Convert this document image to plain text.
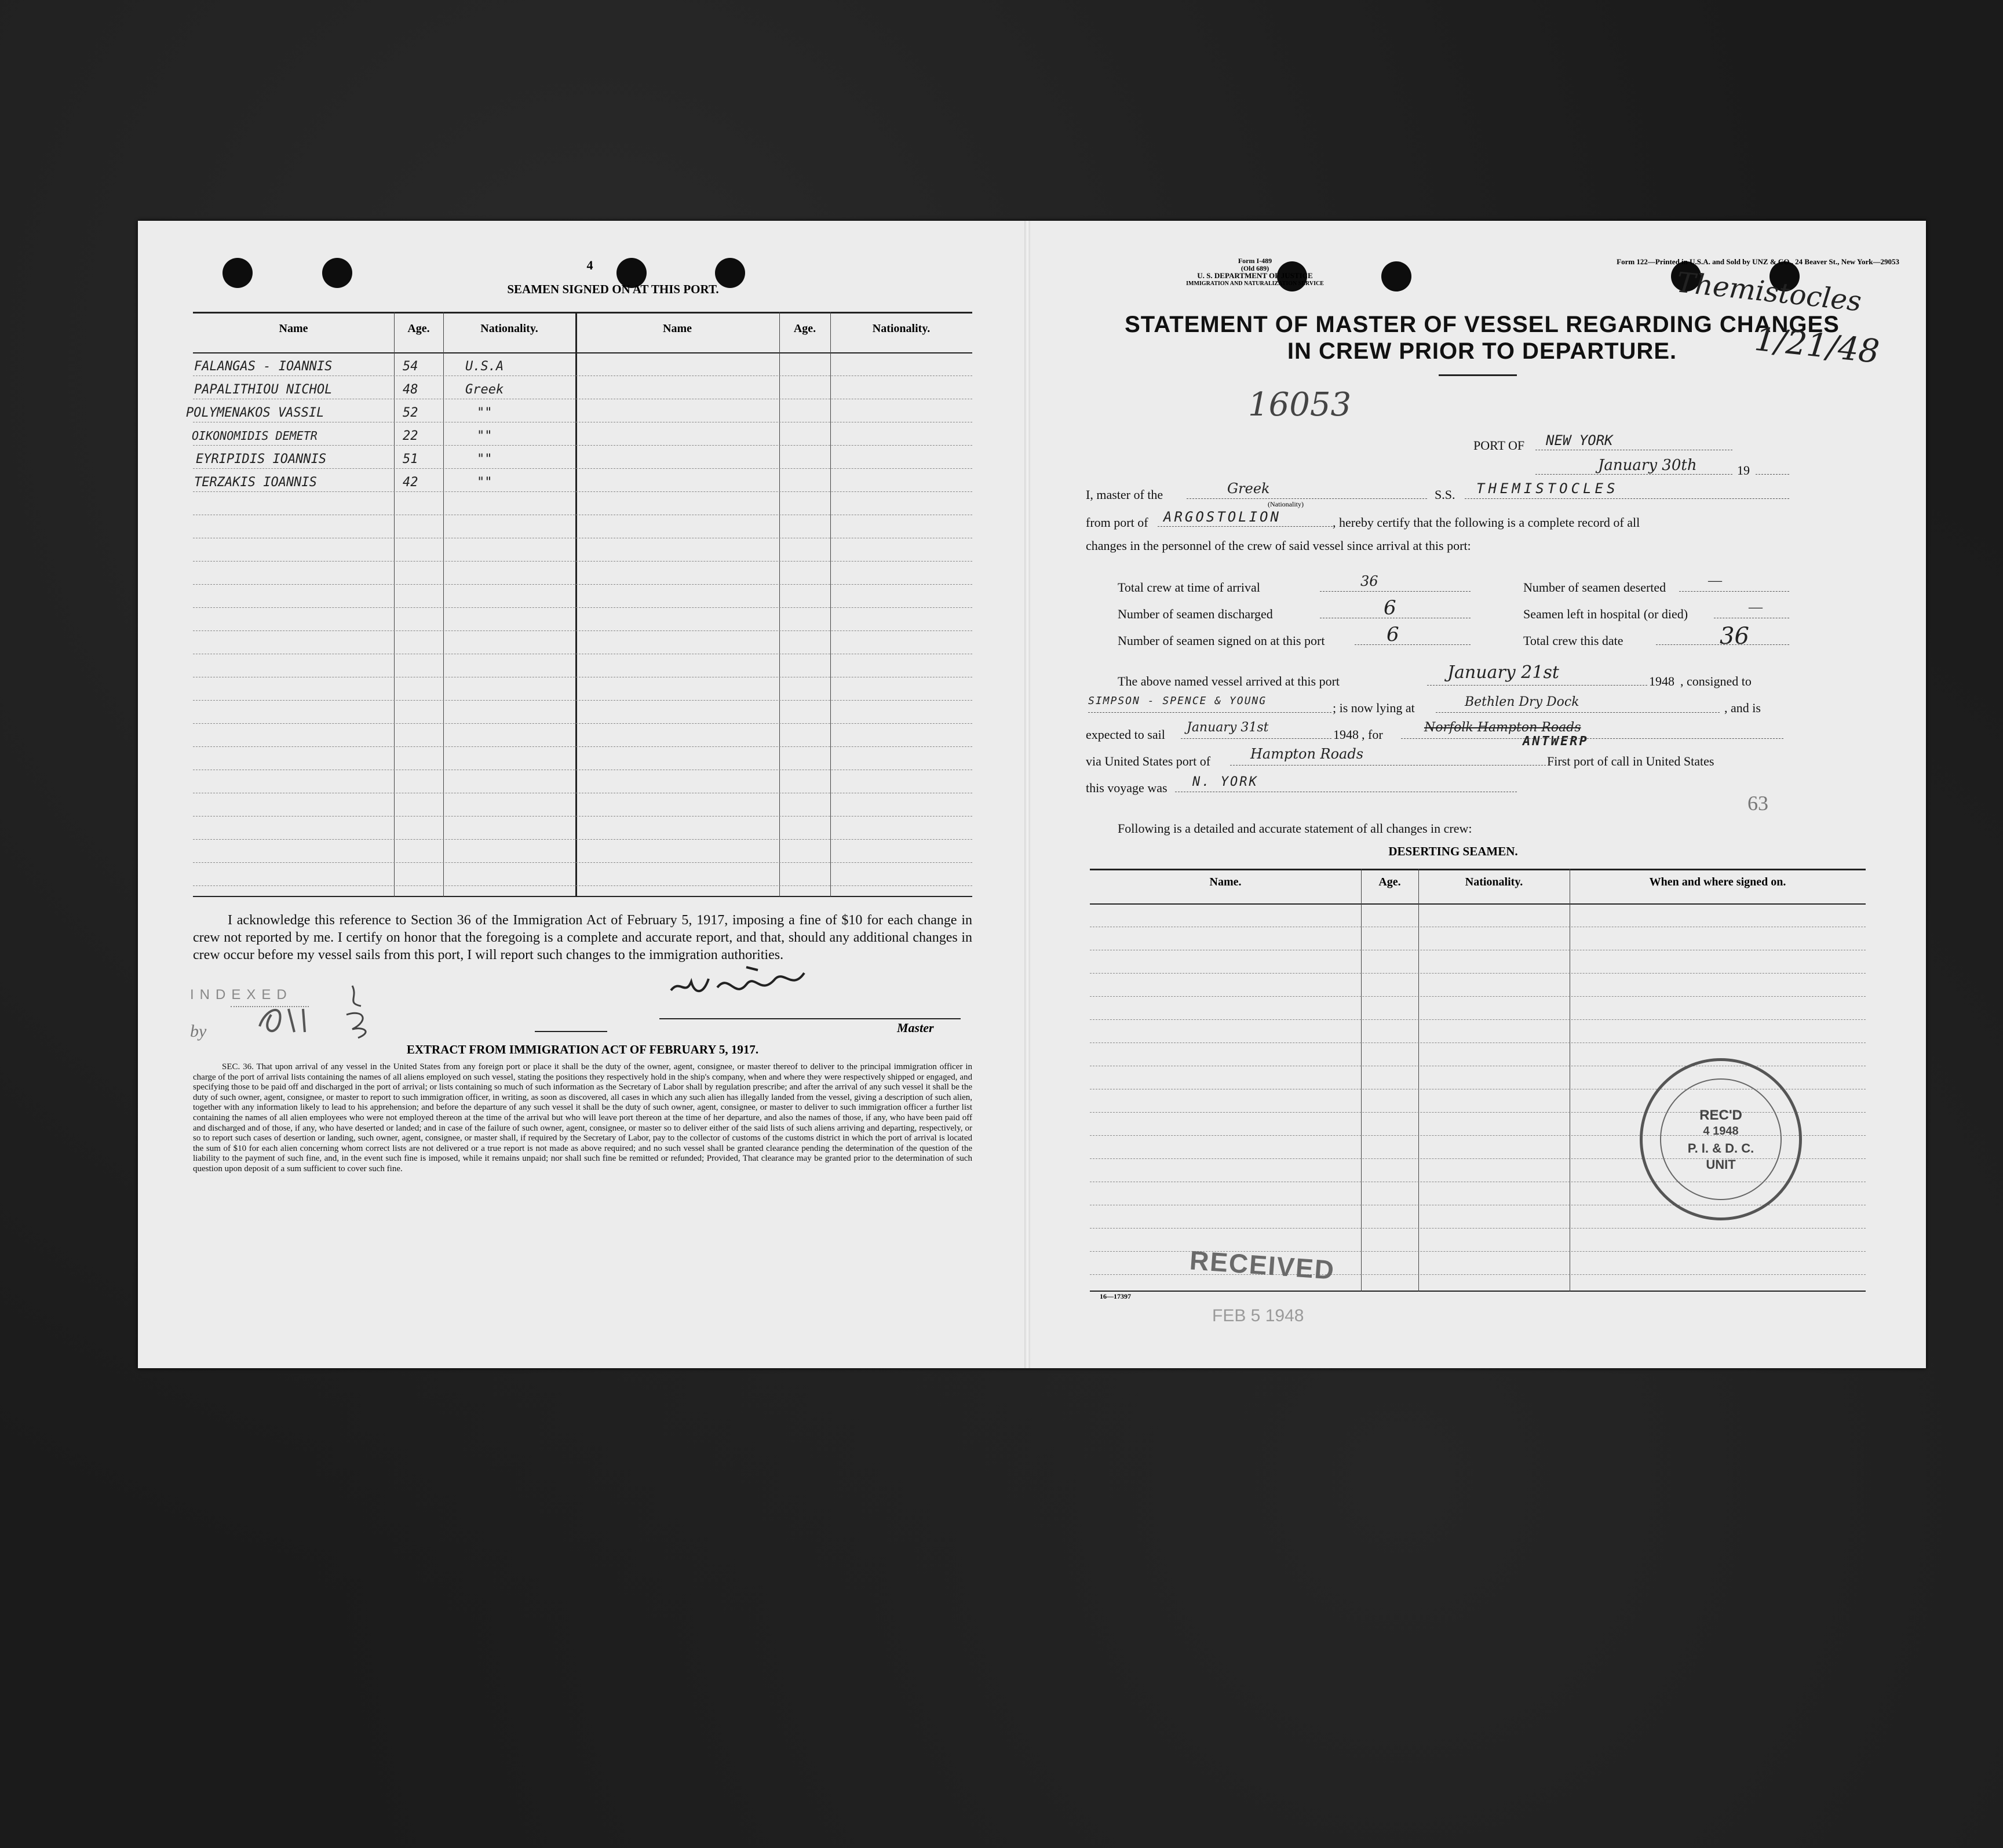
4
SEAMEN SIGNED ON AT THIS PORT.
Name	Age.	Nationality.	Name	Age.	Nationality.
FALANGAS - IOANNIS	54	U.S.A
PAPALITHIOU NICHOL	48	Greek
POLYMENAKOS VASSIL	52	""
OIKONOMIDIS DEMETR	22	""
EYRIPIDIS IOANNIS	51	""
TERZAKIS IOANNIS	42	""
I acknowledge this reference to Section 36 of the Immigration Act of February 5, 1917, imposing a fine of $10 for each change in crew not reported by me. I certify on honor that the foregoing is a complete and accurate report, and that, should any additional changes in crew occur before my vessel sails from this port, I will report such changes to the immigration authorities.
INDEXED
by	Master
EXTRACT FROM IMMIGRATION ACT OF FEBRUARY 5, 1917.
SEC. 36. That upon arrival of any vessel in the United States from any foreign port or place it shall be the duty of the owner, agent, consignee, or master thereof to deliver to the principal immigration officer in charge of the port of arrival lists containing the names of all aliens employed on such vessel, stating the positions they respectively hold in the ship's company, when and where they were respectively shipped or engaged, and specifying those to be paid off and discharged in the port of arrival; or lists containing so much of such information as the Secretary of Labor shall by regulation prescribe; and after the arrival of any such vessel it shall be the duty of such owner, agent, consignee, or master to report to such immigration officer, in writing, as soon as discovered, all cases in which any such alien has illegally landed from the vessel, giving a description of such alien, together with any information likely to lead to his apprehension; and before the departure of any such vessel it shall be the duty of such owner, agent, consignee, or master to deliver to such immigration officer a further list containing the names of all alien employees who were not employed thereon at the time of the arrival but who will leave port thereon at the time of her departure, and also the names of those, if any, who have been paid off and discharged and of those, if any, who have deserted or landed; and in case of the failure of such owner, agent, consignee, or master so to deliver either of the said lists of such aliens arriving and departing, respectively, or so to report such cases of desertion or landing, such owner, agent, consignee, or master shall, if required by the Secretary of Labor, pay to the collector of customs of the customs district in which the port of arrival is located the sum of $10 for each alien concerning whom correct lists are not delivered or a true report is not made as above required; and no such vessel shall be granted clearance pending the determination of the question of the liability to the payment of such fine, and, in the event such fine is imposed, while it remains unpaid; nor shall such fine be remitted or refunded; Provided, That clearance may be granted prior to the determination of such question upon deposit of a sum sufficient to cover such fine.
Form I-489
(Old 689)
U. S. DEPARTMENT OF JUSTICE
IMMIGRATION AND NATURALIZATION SERVICE
Form 122—Printed in U.S.A. and Sold by UNZ & CO., 24 Beaver St., New York—29053
STATEMENT OF MASTER OF VESSEL REGARDING CHANGES
IN CREW PRIOR TO DEPARTURE.
Themistocles
1/21/48
16053
PORT OF NEW YORK
January 30th	19
I, master of the	Greek
(Nationality)
S.S. THEMISTOCLES
from port of ARGOSTOLION	, hereby certify that the following is a complete record of all
changes in the personnel of the crew of said vessel since arrival at this port:
Total crew at time of arrival	36	Number of seamen deserted	—
Number of seamen discharged	6	Seamen left in hospital (or died)	—
Number of seamen signed on at this port	6	Total crew this date	36
The above named vessel arrived at this port	January 21st	1948 , consigned to
SIMPSON - SPENCE & YOUNG	; is now lying at	Bethlen Dry Dock	, and is
expected to sail January 31st	1948 , for	Norfolk Hampton Roads
ANTWERP
via United States port of	Hampton Roads	First port of call in United States
this voyage was N. YORK
63
Following is a detailed and accurate statement of all changes in crew:
DESERTING SEAMEN.
Name.	Age.	Nationality.	When and where signed on.
REC'D
4 1948
P. I. & D. C.
UNIT
RECEIVED
16—17397
FEB 5 1948
